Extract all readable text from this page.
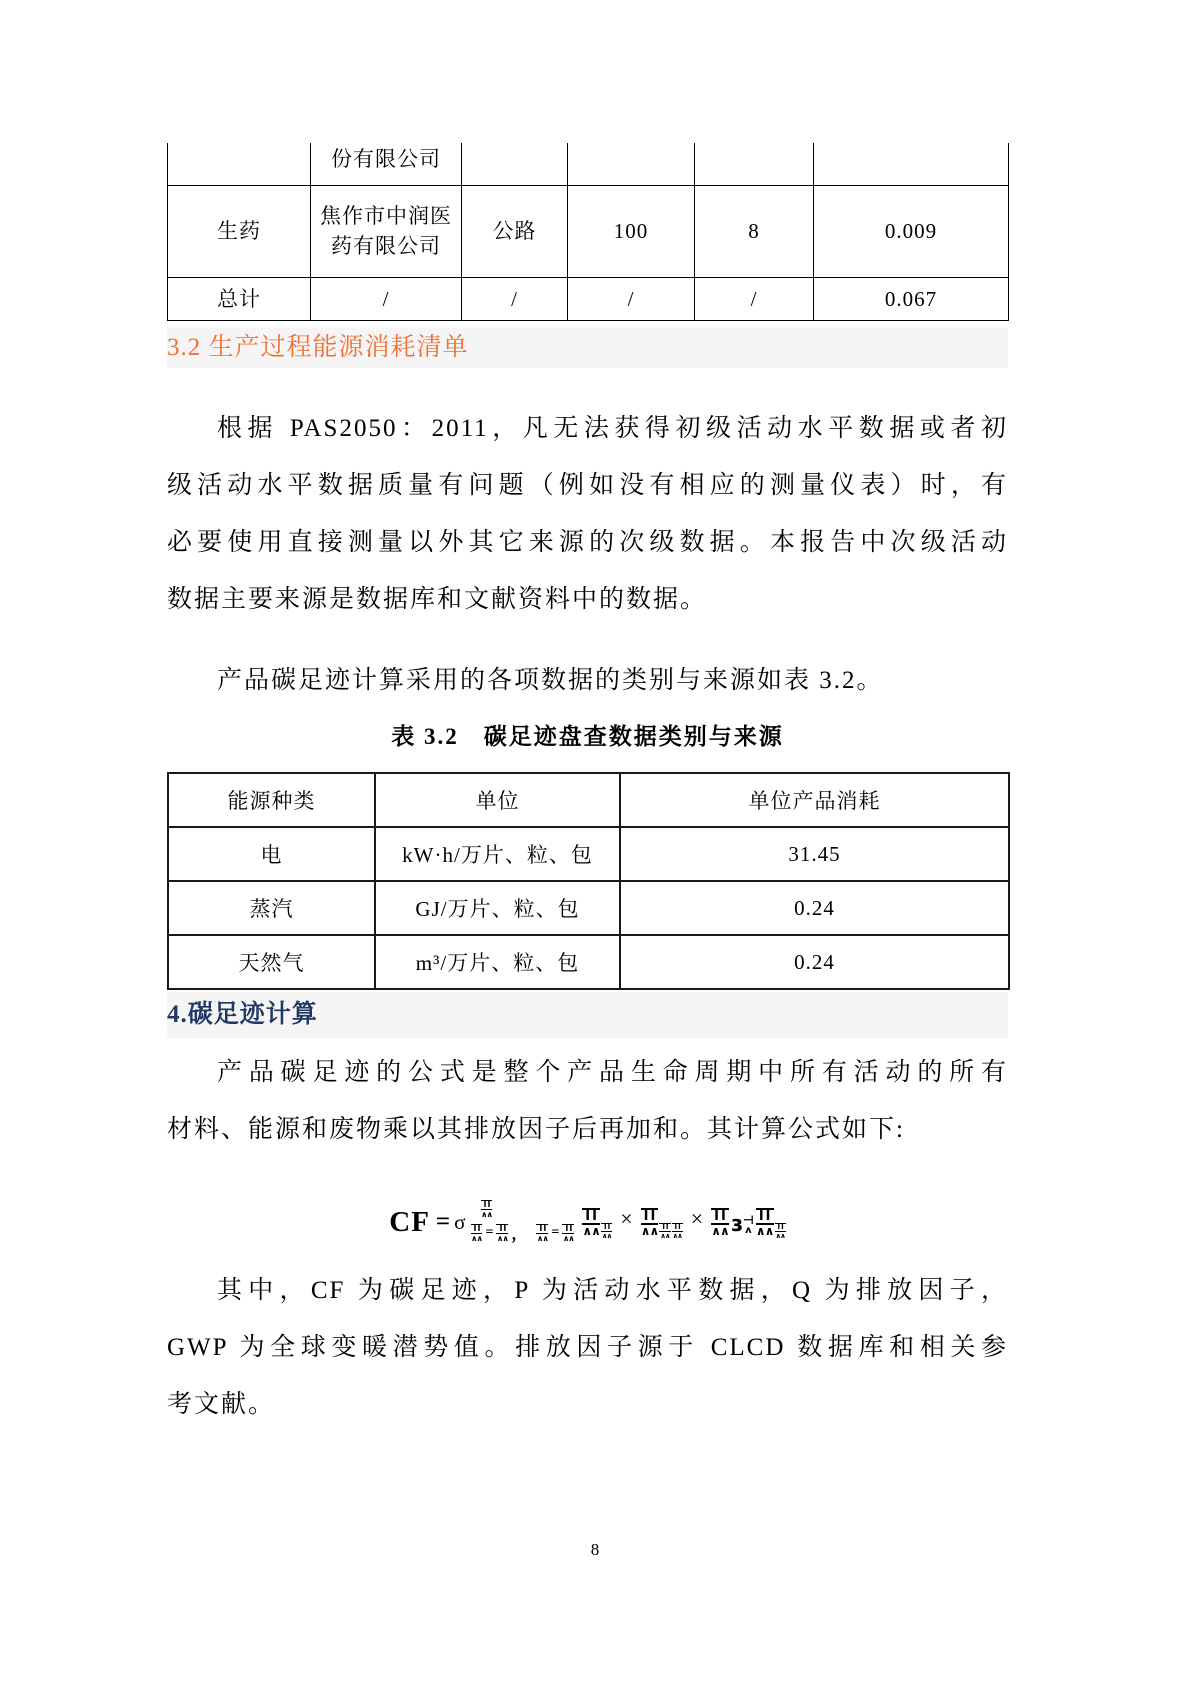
	份有限公司				
生药	焦作市中润医药有限公司	公路	100	8	0.009
总计	/	/	/	/	0.067
3.2 生产过程能源消耗清单
根据 PAS2050：2011，凡无法获得初级活动水平数据或者初
级活动水平数据质量有问题（例如没有相应的测量仪表）时，有
必要使用直接测量以外其它来源的次级数据。本报告中次级活动
数据主要来源是数据库和文献资料中的数据。
产品碳足迹计算采用的各项数据的类别与来源如表 3.2。
表 3.2　碳足迹盘查数据类别与来源
能源种类	单位	单位产品消耗
电	kW·h/万片、粒、包	31.45
蒸汽	GJ/万片、粒、包	0.24
天然气	m³/万片、粒、包	0.24
4.碳足迹计算
产品碳足迹的公式是整个产品生命周期中所有活动的所有
材料、能源和废物乘以其排放因子后再加和。其计算公式如下:
CF = σ
II
∧∧
II
∧∧ = II
∧∧ ，	II
∧∧ = II
∧∧
II
∧∧ II
∧∧
× II
∧∧ II
∧∧
II
∧∧
× II
∧∧ ɜ ⊣
ʌ
II
∧∧ II
∧∧
其中，CF 为碳足迹，P 为活动水平数据，Q 为排放因子，
GWP 为全球变暖潜势值。排放因子源于 CLCD 数据库和相关参
考文献。
8
